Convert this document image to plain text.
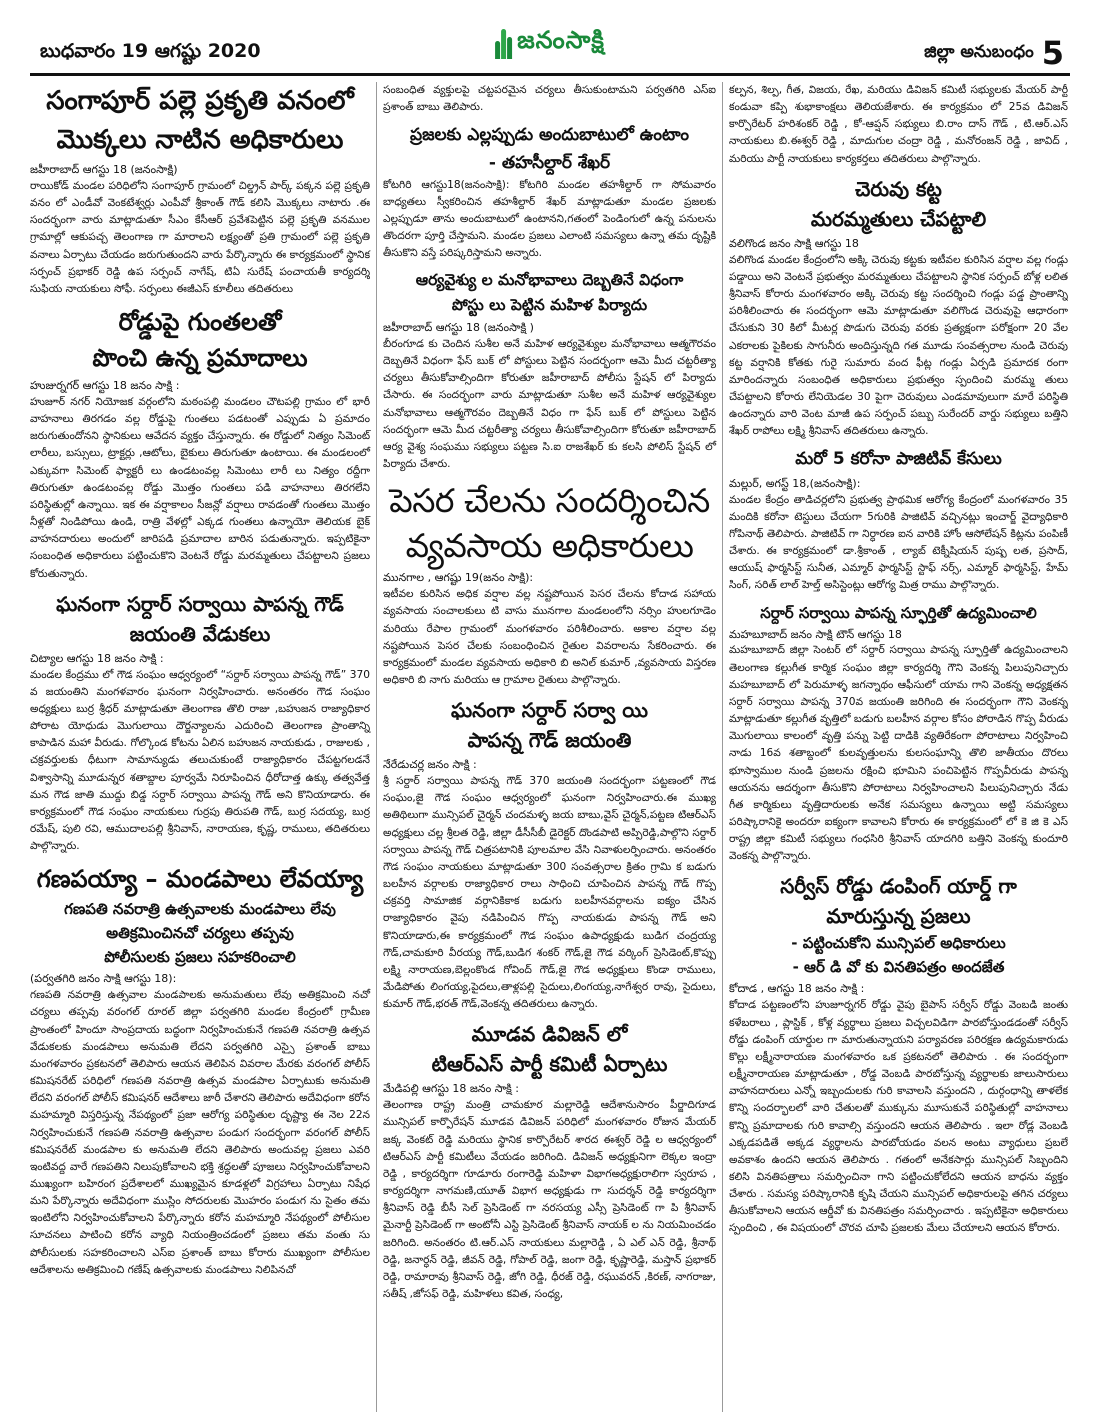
బుధవారం 19 ఆగష్టు 2020	జనంసాక్షి	జిల్లా అనుబంధం 5
సంగాపూర్ పల్లె ప్రకృతి వనంలో
మొక్కలు నాటిన అధికారులు
జహీరాబాద్ ఆగస్టు 18 (జనంసాక్షి)
రాయికోడ్ మండల పరిధిలోని సంగాపూర్ గ్రామంలో చిల్డ్రన్ పార్క్ పక్కన పల్లె ప్రకృతి వనం లో ఎండీవో వెంకటేశ్వర్లు ఎంపీవో శ్రీకాంత్ గౌడ్ కలిసి మొక్కలు నాటారు .ఈ సందర్భంగా వారు మాట్లాడుతూ సీఎం కేసీఆర్ ప్రవేశపెట్టిన పల్లె ప్రకృతి వనముల గ్రామాల్లో ఆకుపచ్చ తెలంగాణ గా మారాలని లక్ష్యంతో ప్రతి గ్రామంలో పల్లె ప్రకృతి వనాలు ఏర్పాటు చేయడం జరుగుతుందని వారు పేర్కొన్నారు ఈ కార్యక్రమంలో స్థానిక సర్పంచ్ ప్రభాకర్ రెడ్డి ఉప సర్పంచ్ నాగేష్, టిఏ సురేష్ పంచాయతీ కార్యదర్శి సుఫియ నాయకులు సోఫీ. సర్పంలు ఈజీఎస్ కూలీలు తదితరులు
రోడ్డుపై గుంతలతో
పొంచి ఉన్న ప్రమాదాలు
హుజుర్నగర్ ఆగస్టు 18 జనం సాక్షి :
హుజూర్ నగర్ నియోజక వర్గంలోని మఠంపల్లి మండలం చౌటపల్లి గ్రామం లో భారీ వాహనాలు తిరగడం వల్ల రోడ్డుపై గుంతలు పడటంతో ఎప్పుడు ఏ ప్రమాదం జరుగుతుందోనని స్థానికులు ఆవేదన వ్యక్తం చేస్తున్నారు. ఈ రోడ్డులో నిత్యం సిమెంట్ లారీలు, బస్సులు, ట్రాక్టర్లు ,ఆటోలు, బైకులు తిరుగుతూ ఉంటాయి. ఈ మండలంలో ఎక్కువగా సిమెంట్ ఫ్యాక్టరీ లు ఉండటంవల్ల సిమెంటు లారీ లు నిత్యం రద్దీగా తిరుగుతూ ఉండటంవల్ల రోడ్డు మొత్తం గుంతలు పడి వాహనాలు తిరగలేని పరిస్థితుల్లో ఉన్నాయి. ఇక ఈ వర్షాకాలం సీజన్లో వర్షాలు రావడంతో గుంతలు మొత్తం నీళ్లతో నిండిపోయి ఉండి, రాత్రి వేళల్లో ఎక్కడ గుంతలు ఉన్నాయో తెలియక బైక్ వాహనదారులు అందులో జారిపడి ప్రమాదాల బారిన పడుతున్నారు. ఇప్పటికైనా సంబంధిత అధికారులు పట్టించుకొని వెంటనే రోడ్డు మరమ్మతులు చేపట్టాలని ప్రజలు కోరుతున్నారు.
ఘనంగా సర్దార్ సర్వాయి పాపన్న గౌడ్
జయంతి వేడుకలు
చిట్యాల ఆగస్టు 18 జనం సాక్షి :
మండల కేంద్రము లో గౌడ సంఘం ఆధ్వర్యంలో “సర్దార్ సర్వాయి పాపన్న గౌడ్” 370 వ జయంతిని మంగళవారం ఘనంగా నిర్వహించారు. అనంతరం గౌడ సంఘం అధ్యక్షులు బుర్ర శ్రీధర్ మాట్లాడుతూ తెలంగాణ తొలి రాజు ,బహుజన రాజ్యాధికార పోరాట యోధుడు మొగులాయి దౌర్జన్యాలను ఎదురించి తెలంగాణ ప్రాంతాన్ని కాపాడిన మహా వీరుడు. గోల్కొండ కోటను ఏలిన బహుజన నాయకుడు , రాజులకు , చక్రవర్తులకు ధీటుగా సామాన్యుడు తలుచుకుంటే రాజ్యాధికారం చేపట్టగలడనే విశ్వాసాన్ని మూడున్నర శతాబ్దాల పూర్వమే నిరూపించిన ధీరోదాత్త ఉక్కు తత్వవేత్త మన గౌడ జాతి ముద్దు బిడ్డ సర్దార్ సర్వాయి పాపన్న గౌడ్ అని కొనియాడారు. ఈ కార్యక్రమంలో గౌడ సంఘం నాయకులు గుర్రపు తిరుపతి గౌడ్, బుర్ర సదయ్య, బుర్ర రమేష్, పులి రవి, ఆముదాలపల్లి శ్రీనివాస్, నారాయణ, కృష్ణ, రాములు, తదితరులు పాల్గొన్నారు.
గణపయ్యా – మండపాలు లేవయ్యా
గణపతి నవరాత్రి ఉత్సవాలకు మండపాలు లేవు
అతిక్రమించినచో చర్యలు తప్పవు
పోలీసులకు ప్రజలు సహకరించాలి
(పర్వతగిరి జనం సాక్షి ఆగస్టు 18):
గణపతి నవరాత్రి ఉత్సవాల మండపాలకు అనుమతులు లేవు అతిక్రమించి నచో చర్యలు తప్పవు వరంగల్ రూరల్ జిల్లా పర్వతగిరి మండల కేంద్రంలో గ్రామీణ ప్రాంతంలో హిందూ సాంప్రదాయ బద్ధంగా నిర్వహించుకునే గణపతి నవరాత్రి ఉత్సవ వేడుకలకు మండపాలు అనుమతి లేదని పర్వతగిరి ఎస్సై ప్రశాంత్ బాబు మంగళవారం ప్రకటనలో తెలిపారు ఆయన తెలిపిన వివరాల మేరకు వరంగల్ పోలీస్ కమిషనరేట్ పరిధిలో గణపతి నవరాత్రి ఉత్సవ మండపాల ఏర్పాటుకు అనుమతి లేదని వరంగల్ పోలీస్ కమిషనర్ ఆదేశాలు జారీ చేశారని తెలిపారు అదేవిధంగా కరోన మహమ్మారి విస్తరిస్తున్న నేపథ్యంలో ప్రజా ఆరోగ్య పరిస్థితుల దృష్ట్యా ఈ నెల 22న నిర్వహించుకునే గణపతి నవరాత్రి ఉత్సవాల పండుగ సందర్భంగా వరంగల్ పోలీస్ కమిషనరేట్ మండపాల కు అనుమతి లేదని తెలిపారు అందువల్ల ప్రజలు ఎవరి ఇంటివద్ద వారే గణపతిని నిలుపుకోవాలని భక్తి శ్రద్ధలతో పూజలు నిర్వహించుకోవాలని ముఖ్యంగా బహిరంగ ప్రదేశాలలో ముఖ్యమైన కూడళ్లలో విగ్రహాలు ఏర్పాటు నిషేధ మని పేర్కొన్నారు అదేవిధంగా ముస్లిం సోదరులకు మొహరం పండుగ ను సైతం తమ ఇంటిలోని నిర్వహించుకోవాలని పేర్కొన్నారు కరోన మహమ్మారి నేపథ్యంలో పోలీసుల సూచనలు పాటించి కరోన వ్యాధి నియంత్రించడంలో ప్రజలు తమ వంతు సు పోలీసులకు సహకరించాలని ఎస్ఐ ప్రశాంత్ బాబు కోరారు ముఖ్యంగా పోలీసుల ఆదేశాలను అతిక్రమించి గణేష్ ఉత్సవాలకు మండపాలు నిలిపినచో
సంబంధిత వ్యక్తులపై చట్టపరమైన చర్యలు తీసుకుంటామని పర్వతగిరి ఎస్ఐ ప్రశాంత్ బాబు తెలిపారు.
ప్రజలకు ఎల్లప్పుడు అందుబాటులో ఉంటాం
- తహసీల్దార్ శేఖర్
కోటగిరి ఆగస్టు18(జనంసాక్షి): కోటగిరి మండల తహశీల్దార్ గా సోమవారం బాధ్యతలు స్వీకరించిన తహశీల్దార్ శేఖర్ మాట్లాడుతూ మండల ప్రజలకు ఎల్లప్పుడూ తాను అందుబాటులో ఉంటానని,గతంలో పెండింగులో ఉన్న పనులను తొందరగా పూర్తి చేస్తామని. మండల ప్రజలు ఎలాంటి సమస్యలు ఉన్నా తమ దృష్టికి తీసుకొని వస్తే పరిష్కరిస్తామని అన్నారు.
ఆర్యవైశ్యు ల మనోభావాలు దెబ్బతినే విధంగా
పోస్టు లు పెట్టిన మహిళ పిర్యాదు
జహీరాబాద్ ఆగస్టు 18 (జనంసాక్షి )
బీరంగూడ కు చెందిన సుశీల అనే మహిళ ఆర్యవైశ్యుల మనోభావాలు ఆత్మగౌరవం దెబ్బతినే విధంగా ఫేస్ బుక్ లో పోస్టులు పెట్టిన సందర్భంగా ఆమె మీద చట్టరీత్యా చర్యలు తీసుకోవాల్సిందిగా కోరుతూ జహీరాబాద్ పోలీసు స్టేషన్ లో పిర్యాదు చేసారు. ఈ సందర్భంగా వారు మాట్లాడుతూ సుశీల అనే మహిళ ఆర్యవైశ్యుల మనోభావాలు ఆత్మగౌరవం దెబ్బతినే విధం గా ఫేస్ బుక్ లో పోస్టులు పెట్టిన సందర్భంగా ఆమె మీద చట్టరీత్యా చర్యలు తీసుకోవాల్సిందిగా కోరుతూ జహీరాబాద్ ఆర్య వైశ్య సంఘము సభ్యులు పట్టణ సి.ఐ రాజశేఖర్ కు కలసి పోలిస్ స్టేషన్ లో పిర్యాదు చేశారు.
పెసర చేలను సందర్శించిన
వ్యవసాయ అధికారులు
మునగాల , ఆగష్టు 19(జనం సాక్షి):
ఇటీవల కురిసిన అధిక వర్షాల వల్ల నష్టపోయిన పెసర చేలను కోదాడ సహాయ వ్యవసాయ సంచాలకులు టి వాసు మునగాల మండలంలోని నర్సిం హులగూడెం మరియు రేపాల గ్రామంలో మంగళవారం పరిశీలించారు. అకాల వర్షాల వల్ల నష్టపోయిన పెసర చేలకు సంబంధించిన రైతుల వివరాలను సేకరించారు. ఈ కార్యక్రమంలో మండల వ్యవసాయ అధికారి బి అనిల్ కుమార్ ,వ్యవసాయ విస్తరణ అధికారి బి నాగు మరియు ఆ గ్రామాల రైతులు పాల్గొన్నారు.
ఘనంగా సర్దార్ సర్వా యి
పాపన్న గౌడ్ జయంతి
నేరేడుచర్ల జనం సాక్షి :
శ్రీ సర్దార్ సర్వాయి పాపన్న గౌడ్ 370 జయంతి సందర్భంగా పట్టణంలో గౌడ సంఘం,జై గౌడ సంఘం ఆధ్వర్యంలో ఘనంగా నిర్వహించారు.ఈ ముఖ్య అతిథిలుగా మున్సిపల్ చైర్మన్ చందమళ్ళ జయ బాబు,వైస్ చైర్మన్,పట్టణ టిఆర్ఎస్ అధ్యక్షులు చల్ల శ్రీలత రెడ్డి, జిల్లా డీసీసీబీ డైరెక్టర్ దొండపాటి అప్పిరెడ్డి,పాల్గొని సర్దార్ సర్వాయి పాపన్న గౌడ్ చిత్రపటానికి పూలమాల వేసి నివాళులర్పించారు. అనంతరం గౌడ సంఘం నాయకులు మాట్లాడుతూ 300 సంవత్సరాల క్రితం గ్రామి క బడుగు బలహీన వర్గాలకు రాజ్యాధికార రాలు సాధించి చూపించిన పాపన్న గౌడ్ గొప్ప చక్రవర్తి సామాజిక వర్గానికికాక బడుగు బలహీనవర్గాలను ఐక్యం చేసిన రాజ్యాధికారం వైపు నడిపించిన గొప్ప నాయకుడు పాపన్న గౌడ్ అని కొనియాడారు,ఈ కార్యక్రమంలో గౌడ సంఘం ఉపాధ్యక్షుడు బుడిగ చంద్రయ్య గౌడ్,చామకూరి వీరయ్య గౌడ్,బుడిగ శంకర్ గౌడ్,జై గౌడ వర్కింగ్ ప్రెసిడెంట్,కొప్పు లక్ష్మి నారాయణ,బెల్లంకొండ గోవింద్ గౌడ్,జై గౌడ అధ్యక్షులు కొండా రాములు, మేడిపోతు లింగయ్య,పైదలు,తాళ్లపల్లి సైదులు,లింగయ్య,నాగేశ్వర రావు, సైదులు, కుమార్ గౌడ్,భరత్ గౌడ్,వెంకన్న తదితరులు ఉన్నారు.
మూడవ డివిజన్ లో
టిఆర్ఎస్ పార్టీ కమిటీ ఏర్పాటు
మేడిపల్లి ఆగస్టు 18 జనం సాక్షి :
తెలంగాణ రాష్ట్ర మంత్రి చామకూర మల్లారెడ్డి ఆదేశానుసారం పీర్జాదిగూడ మున్సిపల్ కార్పొరేషన్ మూడవ డివిజన్ పరిధిలో మంగళవారం రోజున మేయర్ జక్క వెంకట్ రెడ్డి మరియు స్థానిక కార్పొరేటర్ శారద ఈశ్వర్ రెడ్డి ల ఆధ్వర్యంలో టిఆర్ఎస్ పార్టీ కమిటీలు వేయడం జరిగింది. డివిజన్ అధ్యక్షునిగా లెక్కల ఇంద్రా రెడ్డి , కార్యదర్శిగా గూడూరు రంగారెడ్డి మహిళా విభాగఅధ్యక్షురాలిగా స్వరూప , కార్యదర్శిగా నాగమణి,యూత్ విభాగ అధ్యక్షుడు గా సుదర్శన్ రెడ్డి కార్యదర్శిగా శ్రీనివాస్ రెడ్డి బీసీ సెల్ ప్రెసిడెంట్ గా నరసయ్య ఎస్సీ ప్రెసిడెంట్ గా పి శ్రీనివాస్ మైనార్టీ ప్రెసిడెంట్ గా అంటోనీ ఎస్టి ప్రెసిడెంట్ శ్రీనివాస్ నాయక్ ల ను నియమించడం జరిగింది. అనంతరం టి.ఆర్.ఎస్ నాయకులు మల్లారెడ్డి , ఏ ఎల్ ఎన్ రెడ్డి, శ్రీనాథ్ రెడ్డి, జనార్ధన్ రెడ్డి, జీవన్ రెడ్డి, గోపాల్ రెడ్డి, జంగా రెడ్డి, కృష్ణారెడ్డి, మస్తాన్ ప్రభాకర్ రెడ్డి, రామారావు శ్రీనివాస్ రెడ్డి, జోగి రెడ్డి, ధీరజ్ రెడ్డి, రఘువరన్ ,కిరణ్, నాగరాజు, సతీష్ ,జోసఫ్ రెడ్డి, మహిళలు కవిత, సంధ్య,
కల్పన, శిల్ప, గీత, విజయ, రేఖ, మరియు డివిజన్ కమిటీ సభ్యులకు మేయర్ పార్టీ కండువా కప్పి శుభాకాంక్షలు తెలియజేశారు. ఈ కార్యక్రమం లో 25వ డివిజన్ కార్పొరేటర్ హరిశంకర్ రెడ్డి , కో-ఆప్షన్ సభ్యులు బి.రాం దాస్ గౌడ్ , టి.ఆర్.ఎస్ నాయకులు బి.ఈశ్వర్ రెడ్డి , మాదుగుల చంద్రా రెడ్డి , మనోరంజన్ రెడ్డి , జావిద్ , మరియు పార్టీ నాయకులు కార్యకర్తలు తదితరులు పాల్గొన్నారు.
చెరువు కట్ట
మరమ్మతులు చేపట్టాలి
వలిగొండ జనం సాక్షి ఆగస్టు 18
వలిగొండ మండల కేంద్రంలోని అక్కి చెరువు కట్టకు ఇటీవల కురిసిన వర్షాల వల్ల గండ్లు పడ్డాయి అని వెంటనే ప్రభుత్వం మరమ్మతులు చేపట్టాలని స్థానిక సర్పంచ్ బోళ్ల లలిత శ్రీనివాస్ కోరారు మంగళవారం అక్కి చెరువు కట్ట సందర్శించి గండ్లు పడ్డ ప్రాంతాన్ని పరిశీలించారు ఈ సందర్భంగా ఆమె మాట్లాడుతూ వలిగొండ చెరువుపై ఆధారంగా చేసుకుని 30 కిలో మీటర్ల పొడుగు చెరువు వరకు ప్రత్యక్షంగా పరోక్షంగా 20 వేల ఎకరాలకు పైకిలకు సాగునీరు అందిస్తున్నది గత మూడు సంవత్సరాల నుండి చెరువు కట్ట వర్షానికి కోతకు గురై సుమారు వంద ఫీట్ల గండ్లు ఏర్పడి ప్రమాదక రంగా మారిందన్నారు సంబంధిత అధికారులు ప్రభుత్వం స్పందించి మరమ్మ తులు చేపట్టాలని కోరారు లేనియెడల 30 పైగా చెరువులు ఎండమావులుగా మారే పరిస్థితి ఉందన్నారు వారి వెంట మాజీ ఉప సర్పంచ్ పబ్బు సురేందర్ వార్డు సభ్యులు బత్తిని శేఖర్ రాపోలు లక్ష్మి శ్రీనివాస్ తదితరులు ఉన్నారు.
మరో 5 కరోనా పాజిటివ్ కేసులు
మల్లుర్, అగస్ట్ 18,(జనంసాక్షి):
మండల కేంద్రం తాడిచర్లలోని ప్రభుత్వ ప్రాథమిక ఆరోగ్య కేంద్రంలో మంగళవారం 35 మందికి కరోనా టెస్టులు చేయగా 5గురికి పాజిటివ్ వచ్చినట్లు ఇంచార్జ్ వైద్యాధికారి గోపినాథ్ తెలిపారు. పాజిటివ్ గా నిర్ధారణ ఐన వారికి హోం ఆసోలేషన్ కిట్లను పంపిణీ చేశారు. ఈ కార్యక్రమంలో డా.శ్రీకాంత్ , ల్యాబ్ టెక్నీషియన్ పుష్ప లత, ప్రసాద్, ఆయుష్ ఫార్మసిస్ట్ సునీత, ఎమ్మార్ ఫార్మసిస్ట్ స్టాఫ్ నర్స్, ఎమ్మార్ ఫార్మసిస్ట్, హేమ్ సింగ్, సరిత్ లాల్ హెల్త్ అసిస్టెంట్లు ఆరోగ్య మిత్ర రాము పాల్గొన్నారు.
సర్దార్ సర్వాయి పాపన్న స్ఫూర్తితో ఉద్యమించాలి
మహబూబాద్ జనం సాక్షి టౌన్ ఆగస్టు 18
మహబూబాద్ జిల్లా సెంటర్ లో సర్దార్ సర్వాయి పాపన్న స్ఫూర్తితో ఉద్యమించాలని తెలంగాణ కల్లుగీత కార్మిక సంఘం జిల్లా కార్యదర్శి గౌని వెంకన్న పిలుపునిచ్చారు మహబూబాద్ లో పెరుమాళ్ళ జగన్నాథం ఆఫీసులో యామ గాని వెంకన్న అధ్యక్షతన సర్దార్ సర్వాయి పాపన్న 370వ జయంతి జరిగింది ఈ సందర్భంగా గౌని వెంకన్న మాట్లాడుతూ కల్లుగీత వృత్తిలో బడుగు బలహీన వర్గాల కోసం పోరాడిన గొప్ప వీరుడు మొగులాయి కాలంలో వృత్తి పన్ను పెట్టి దాడికి వ్యతిరేకంగా పోరాటాలు నిర్వహించి నాడు 16వ శతాబ్దంలో కులవృత్తులను కులసంఘాన్ని తొలి జాతీయం దొరలు భూస్వాముల నుండి ప్రజలను రక్షించి భూమిని పంచిపెట్టిన గొప్పవీరుడు పాపన్న ఆయనను ఆదర్శంగా తీసుకొని పోరాటాలు నిర్వహించాలని పిలుపునిచ్చారు నేడు గీత కార్మికులు వృత్తిదారులకు అనేక సమస్యలు ఉన్నాయి అట్టి సమస్యలు పరిష్కారానికై అందరూ ఐక్యంగా కావాలని కోరారు ఈ కార్యక్రమంలో లో కె జి కె ఎస్ రాష్ట్ర జిల్లా కమిటీ సభ్యులు గంధసిరి శ్రీనివాస్ యాదగిరి బత్తిని వెంకన్న కుందూరి వెంకన్న పాల్గొన్నారు.
సర్వీస్ రోడ్డు డంపింగ్ యార్డ్ గా
మారుస్తున్న ప్రజలు
- పట్టించుకోని మున్సిపల్ అధికారులు
- ఆర్ డి వో కు వినతిపత్రం అందజేత
కోదాడ , ఆగస్టు 18 జనం సాక్షి :
కోదాడ పట్టణంలోని హుజూర్నగర్ రోడ్డు వైపు బైపాస్ సర్వీస్ రోడ్డు వెంబడి జంతు కళేబరాలు , ప్లాస్టిక్ , కోళ్ల వ్యర్థాలు ప్రజలు విచ్చలవిడిగా పారబోస్తుండడంతో సర్వీస్ రోడ్డు డంపింగ్ యార్డుల గా మారుతున్నాయని పర్యావరణ పరిరక్షణ ఉద్యమకారుడు కొల్లు లక్ష్మీనారాయణ మంగళవారం ఒక ప్రకటనలో తెలిపారు . ఈ సందర్భంగా లక్ష్మీనారాయణ మాట్లాడుతూ , రోడ్డ వెంబడి పారబోస్తున్న వ్యర్థాలకు జాలుసారులు వాహనదారులు ఎన్నో ఇబ్బందులకు గురి కావాలసి వస్తుందని , దుర్గంధాన్ని తాళలేక కొన్ని సందర్భాలలో వారి చేతులతో ముక్కును మూసుకునే పరిస్థితుల్లో వాహనాలు కొన్ని ప్రమాదాలకు గురి కావాల్సి వస్తుందని ఆయన తెలిపారు . ఇలా రోడ్ల వెంబడి ఎక్కడపడితే అక్కడ వ్యర్థాలను పారబోయడం వలన అంటు వ్యాధులు ప్రబలే అవకాశం ఉందని ఆయన తెలిపారు . గతంలో అనేకసార్లు మున్సిపల్ సిబ్బందిని కలిసి వినతిపత్రాలు సమర్పించినా గాని పట్టించుకోలేదని ఆయన బాధను వ్యక్తం చేశారు . సమస్య పరిష్కారానికి కృషి చేయని మున్సిపల్ అధికారులపై తగిన చర్యలు తీసుకోవాలని ఆయన ఆర్డీవో కు వినతిపత్రం సమర్పించారు . ఇప్పటికైనా అధికారులు స్పందించి , ఈ విషయంలో చొరవ చూపి ప్రజలకు మేలు చేయాలని ఆయన కోరారు.
